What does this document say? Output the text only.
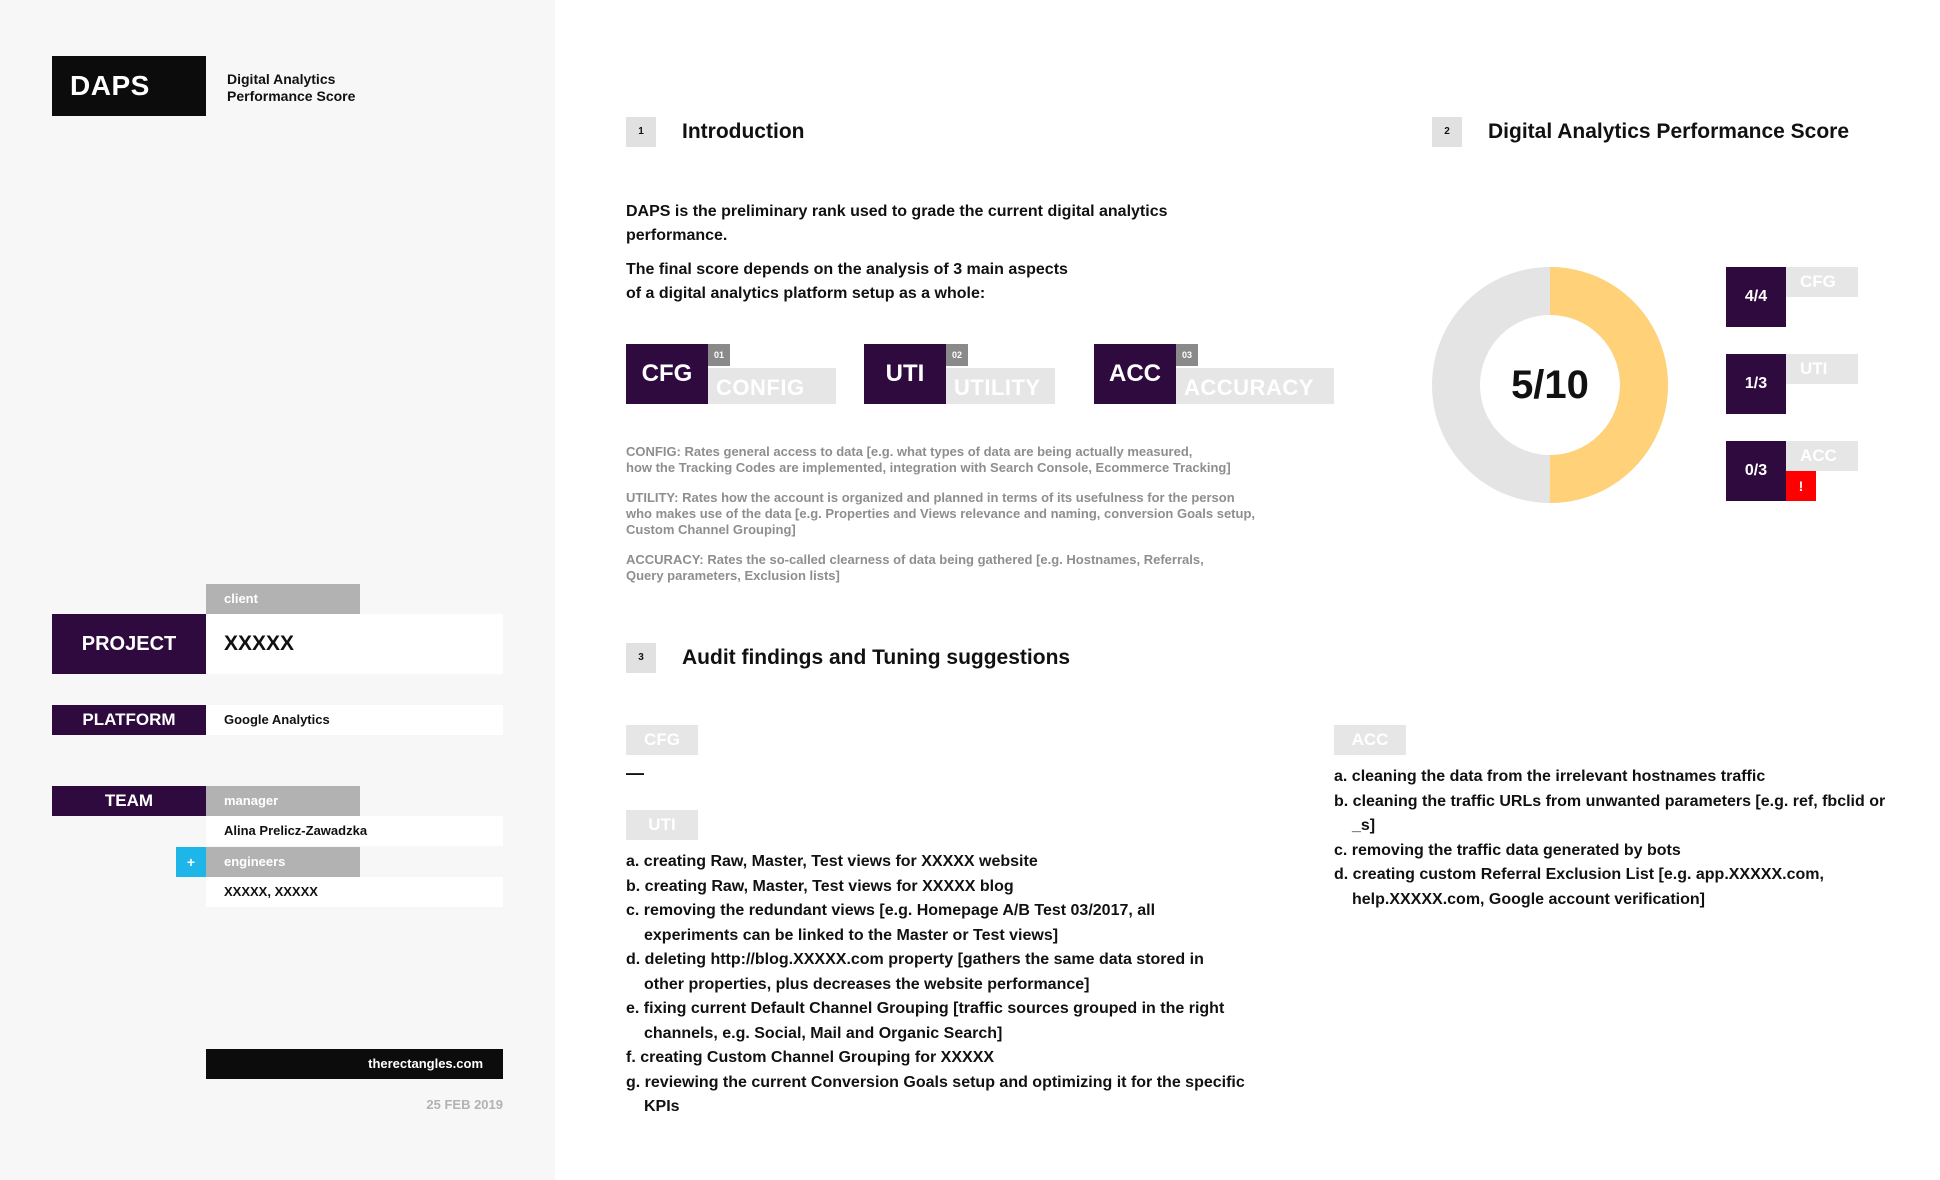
DAPS	Digital Analytics
Performance Score
client
PROJECT	XXXXX
PLATFORM	Google Analytics
TEAM	manager
Alina Prelicz-Zawadzka
+	engineers
XXXXX, XXXXX
therectangles.com
25 FEB 2019
1	Introduction
DAPS is the preliminary rank used to grade the current digital analytics
performance.
The final score depends on the analysis of 3 main aspects
of a digital analytics platform setup as a whole:
CFG
01
CONFIG
UTI
02
UTILITY
ACC
03
ACCURACY
CONFIG: Rates general access to data [e.g. what types of data are being actually measured,
how the Tracking Codes are implemented, integration with Search Console, Ecommerce Tracking]
UTILITY: Rates how the account is organized and planned in terms of its usefulness for the person
who makes use of the data [e.g. Properties and Views relevance and naming, conversion Goals setup,
Custom Channel Grouping]
ACCURACY: Rates the so-called clearness of data being gathered [e.g. Hostnames, Referrals,
Query parameters, Exclusion lists]
2	Digital Analytics Performance Score
5/10
4/4
CFG
1/3
UTI
0/3
ACC
!
3	Audit findings and Tuning suggestions
CFG
—
UTI
a. creating Raw, Master, Test views for XXXXX website
b. creating Raw, Master, Test views for XXXXX blog
c. removing the redundant views [e.g. Homepage A/B Test 03/2017, all experiments can be linked to the Master or Test views]
d. deleting http://blog.XXXXX.com property [gathers the same data stored in other properties, plus decreases the website performance]
e. fixing current Default Channel Grouping [traffic sources grouped in the right channels, e.g. Social, Mail and Organic Search]
f. creating Custom Channel Grouping for XXXXX
g. reviewing the current Conversion Goals setup and optimizing it for the specific KPIs
ACC
a. cleaning the data from the irrelevant hostnames traffic
b. cleaning the traffic URLs from unwanted parameters [e.g. ref, fbclid or _s]
c. removing the traffic data generated by bots
d. creating custom Referral Exclusion List [e.g. app.XXXXX.com, help.XXXXX.com, Google account verification]
